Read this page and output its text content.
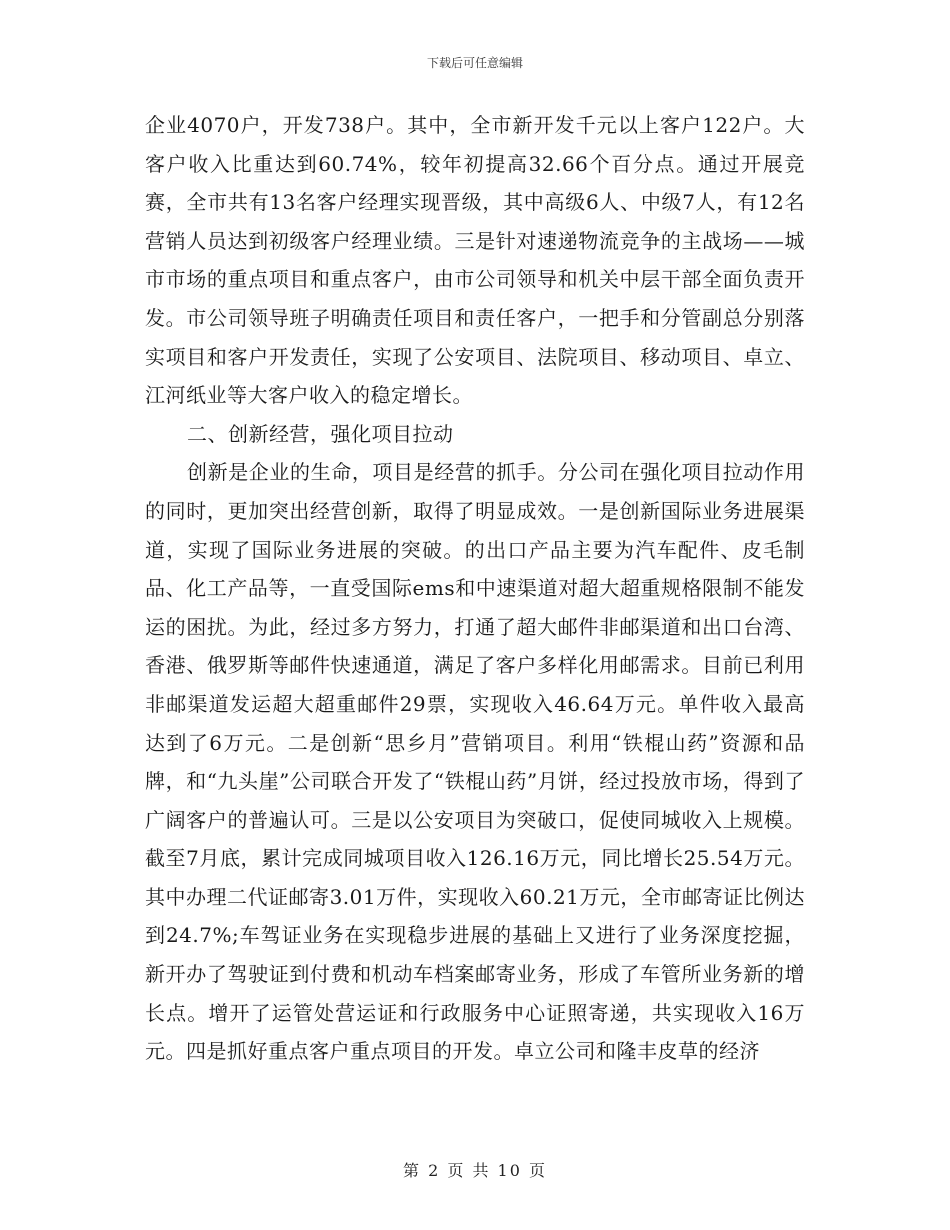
下载后可任意编辑

企业4070户，开发738户。其中，全市新开发千元以上客户122户。大客户收入比重达到60.74%，较年初提高32.66个百分点。通过开展竞赛，全市共有13名客户经理实现晋级，其中高级6人、中级7人，有12名营销人员达到初级客户经理业绩。三是针对速递物流竞争的主战场——城市市场的重点项目和重点客户，由市公司领导和机关中层干部全面负责开发。市公司领导班子明确责任项目和责任客户，一把手和分管副总分别落实项目和客户开发责任，实现了公安项目、法院项目、移动项目、卓立、江河纸业等大客户收入的稳定增长。

二、创新经营，强化项目拉动

创新是企业的生命，项目是经营的抓手。分公司在强化项目拉动作用的同时，更加突出经营创新，取得了明显成效。一是创新国际业务进展渠道，实现了国际业务进展的突破。的出口产品主要为汽车配件、皮毛制品、化工产品等，一直受国际ems和中速渠道对超大超重规格限制不能发运的困扰。为此，经过多方努力，打通了超大邮件非邮渠道和出口台湾、香港、俄罗斯等邮件快速通道，满足了客户多样化用邮需求。目前已利用非邮渠道发运超大超重邮件29票，实现收入46.64万元。单件收入最高达到了6万元。二是创新“思乡月”营销项目。利用“铁棍山药”资源和品牌，和“九头崖”公司联合开发了“铁棍山药”月饼，经过投放市场，得到了广阔客户的普遍认可。三是以公安项目为突破口，促使同城收入上规模。截至7月底，累计完成同城项目收入126.16万元，同比增长25.54万元。其中办理二代证邮寄3.01万件，实现收入60.21万元，全市邮寄证比例达到24.7%;车驾证业务在实现稳步进展的基础上又进行了业务深度挖掘，新开办了驾驶证到付费和机动车档案邮寄业务，形成了车管所业务新的增长点。增开了运管处营运证和行政服务中心证照寄递，共实现收入16万元。四是抓好重点客户重点项目的开发。卓立公司和隆丰皮草的经济

第 2 页 共 10 页
